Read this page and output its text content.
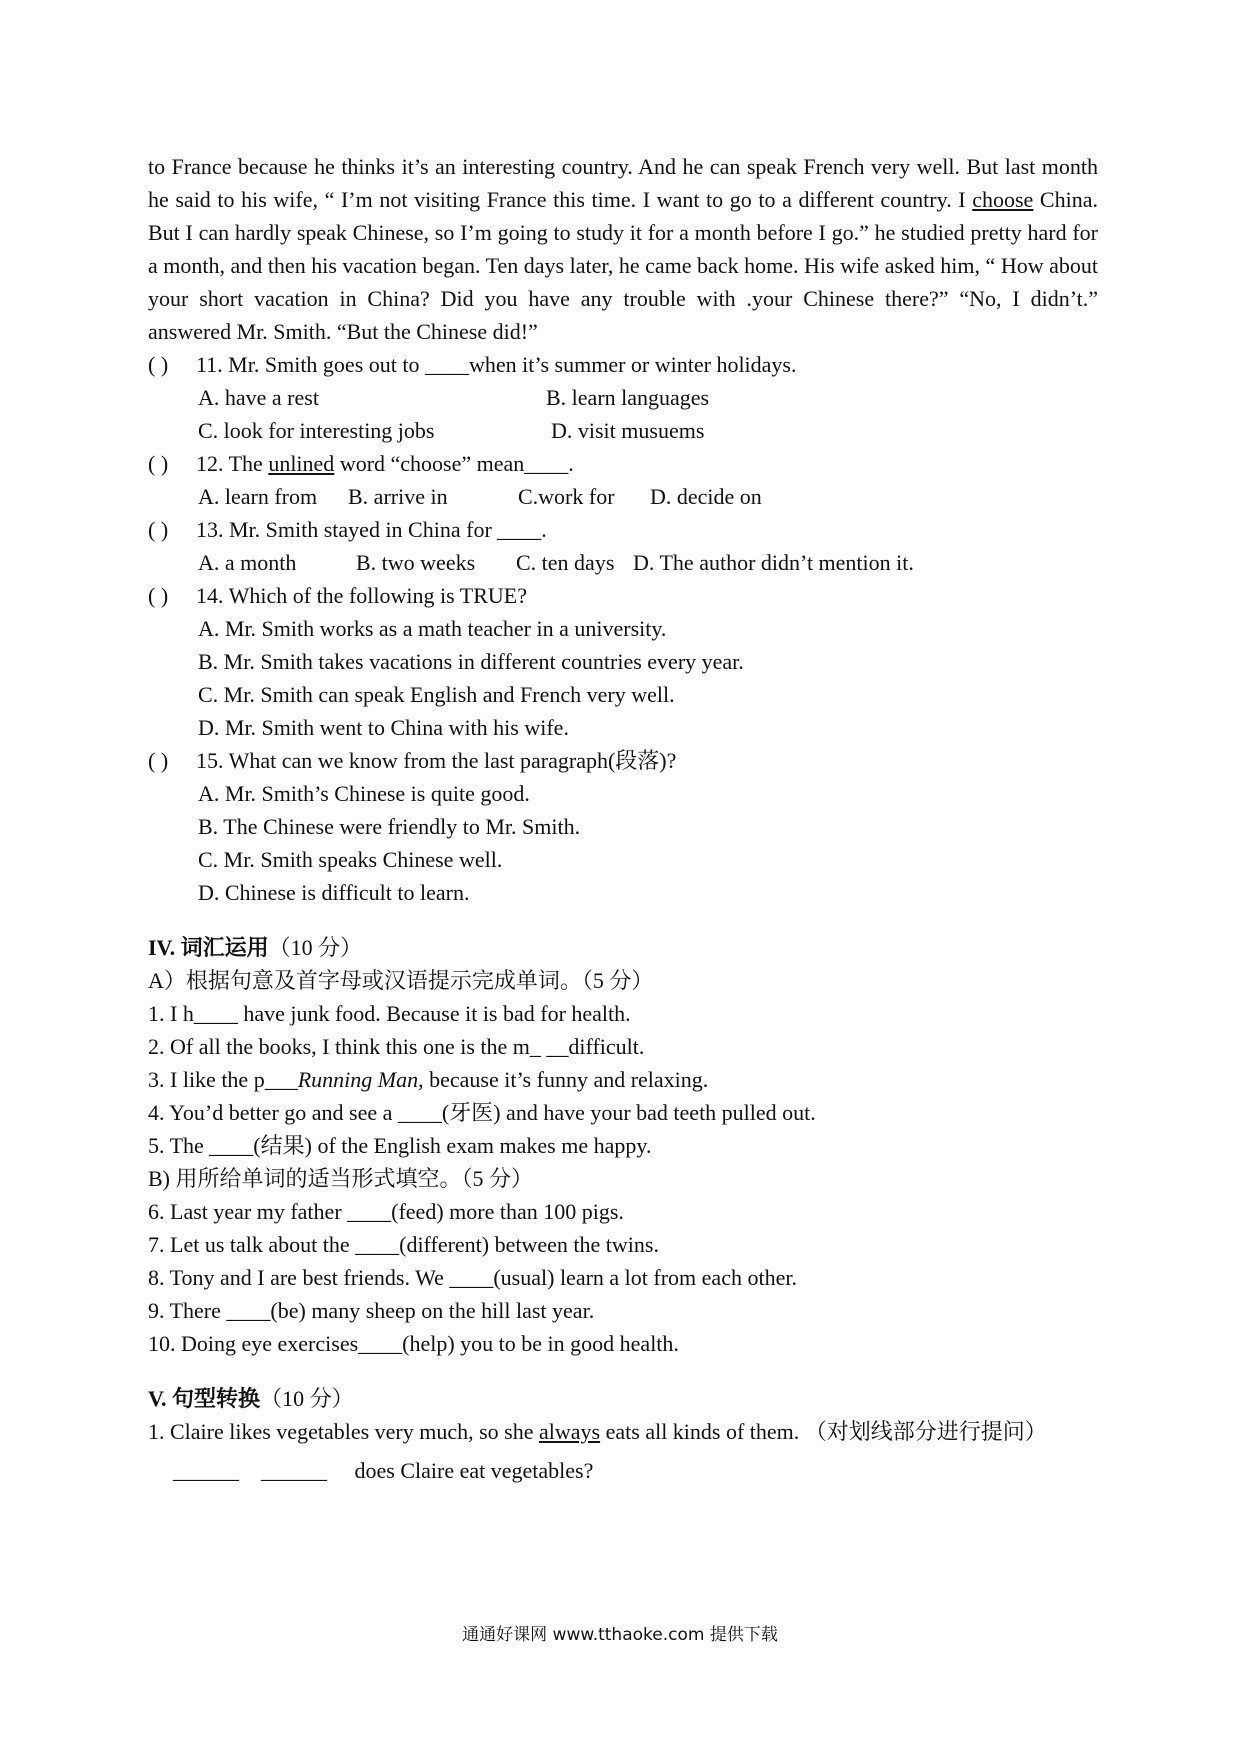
to France because he thinks it’s an interesting country. And he can speak French very well. But last month he said to his wife, “ I’m not visiting France this time. I want to go to a different country. I choose China. But I can hardly speak Chinese, so I’m going to study it for a month before I go.” he studied pretty hard for a month, and then his vacation began. Ten days later, he came back home. His wife asked him, “ How about your short vacation in China? Did you have any trouble with .your Chinese there?” “No, I didn’t.” answered Mr. Smith. “But the Chinese did!”

( )	11. Mr. Smith goes out to ____when it’s summer or winter holidays.
A. have a rest	B. learn languages
C. look for interesting jobs	D. visit musuems
( )	12. The unlined word “choose” mean____.
A. learn from B. arrive in	C.work for D. decide on
( )	13. Mr. Smith stayed in China for ____.
A. a month	B. two weeks C. ten days D. The author didn’t mention it.
( )	14. Which of the following is TRUE?
A. Mr. Smith works as a math teacher in a university.
B. Mr. Smith takes vacations in different countries every year.
C. Mr. Smith can speak English and French very well.
D. Mr. Smith went to China with his wife.
( )	15. What can we know from the last paragraph(段落)?
A. Mr. Smith’s Chinese is quite good.
B. The Chinese were friendly to Mr. Smith.
C. Mr. Smith speaks Chinese well.
D. Chinese is difficult to learn.
IV. 词汇运用（10 分）
A）根据句意及首字母或汉语提示完成单词。（5 分）
1. I h____ have junk food. Because it is bad for health.
2. Of all the books, I think this one is the m_ __difficult.
3. I like the p___Running Man, because it’s funny and relaxing.
4. You’d better go and see a ____(牙医) and have your bad teeth pulled out.
5. The ____(结果) of the English exam makes me happy.
B) 用所给单词的适当形式填空。（5 分）
6. Last year my father ____(feed) more than 100 pigs.
7. Let us talk about the ____(different) between the twins.
8. Tony and I are best friends. We ____(usual) learn a lot from each other.
9. There ____(be) many sheep on the hill last year.
10. Doing eye exercises____(help) you to be in good health.
V. 句型转换（10 分）
1. Claire likes vegetables very much, so she always eats all kinds of them. （对划线部分进行提问）
______    ______     does Claire eat vegetables?
通通好课网 www.tthaoke.com 提供下载
